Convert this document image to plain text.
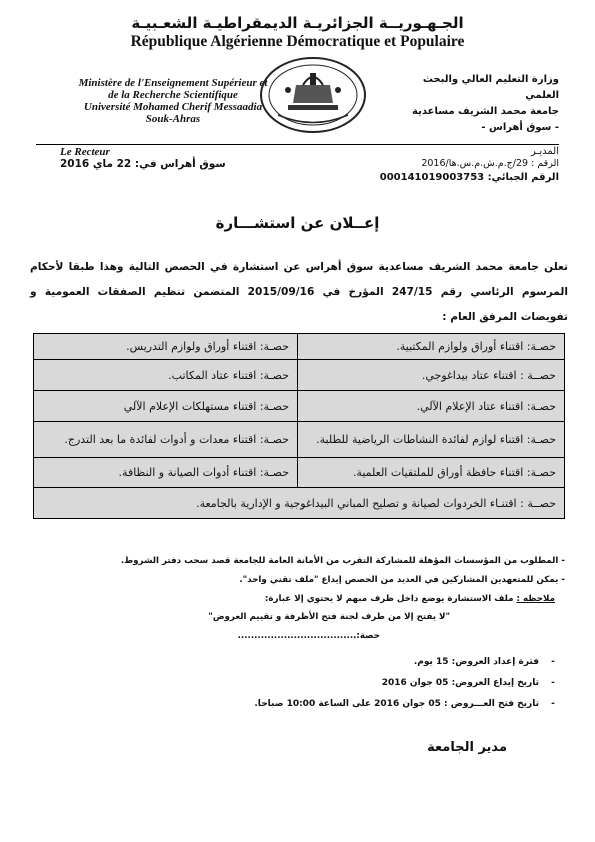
الجـهـوريــة الجزائريـة الديمقراطيـة الشعـبيـة
République Algérienne Démocratique et Populaire
Ministère de l'Enseignement Supérieur et
de la Recherche Scientifique
Université Mohamed Cherif Messaadia
Souk-Ahras
وزارة التعليم العالي والبحث العلمي
جامعة محمد الشريف مساعدية
- سوق أهراس -
Le Recteur
سوق أهراس في: 22 ماي 2016
المديـر
الرقم : 29/ج.م.ش.م.س.ها/2016
الرقم الجبائي: 000141019003753
إعــلان عن استشـــارة
تعلن جامعة محمد الشريف مساعدية سوق أهراس عن استشارة في الحصص التالية وهذا طبقا لأحكام المرسوم الرئاسي رقم 247/15 المؤرخ في 2015/09/16 المتضمن تنظيم الصفقات العمومية و تفويضات المرفق العام :
حصـة: اقتناء أوراق ولوازم المكتبية.	حصـة: اقتناء أوراق ولوازم التدريس.
حصــة : اقتناء عتاد بيداغوجي.	حصـة: اقتناء عتاد المكاتب.
حصـة: اقتناء عتاد الإعلام الآلي.	حصـة: اقتناء مستهلكات الإعلام الآلي
حصـة: اقتناء لوازم لفائدة النشاطات الرياضية للطلبة.	حصـة: اقتناء معدات و أدوات لفائدة ما بعد التدرج.
حصـة: اقتناء حافظة أوراق للملتقيات العلمية.	حصـة: اقتناء أدوات الصيانة و النظافة.
حصــة : اقتنـاء الخردوات لصيانة و تصليح المباني البيداغوجية و الإدارية بالجامعة.	
- المطلوب من المؤسسات المؤهلة للمشاركة التقرب من الأمانة العامة للجامعة قصد سحب دفتر الشروط.
- يمكن للمتعهدين المشاركين في العديد من الحصص إيداع "ملف تقني واحد".
ملاحظه : ملف الاستشارة يوضع داخل ظرف مبهم لا يحتوي إلا عبارة:
"لا يفتح إلا من طرف لجنة فتح الأظرفة و تقييم العروض"
حصة:....................................
-فترة إعداد العروض: 15 يوم.
-تاريخ إيداع العروض: 05 جوان 2016
-تاريخ فتح العـــروض : 05 جوان 2016 على الساعة 10:00 صباحا.
مدير الجامعة
